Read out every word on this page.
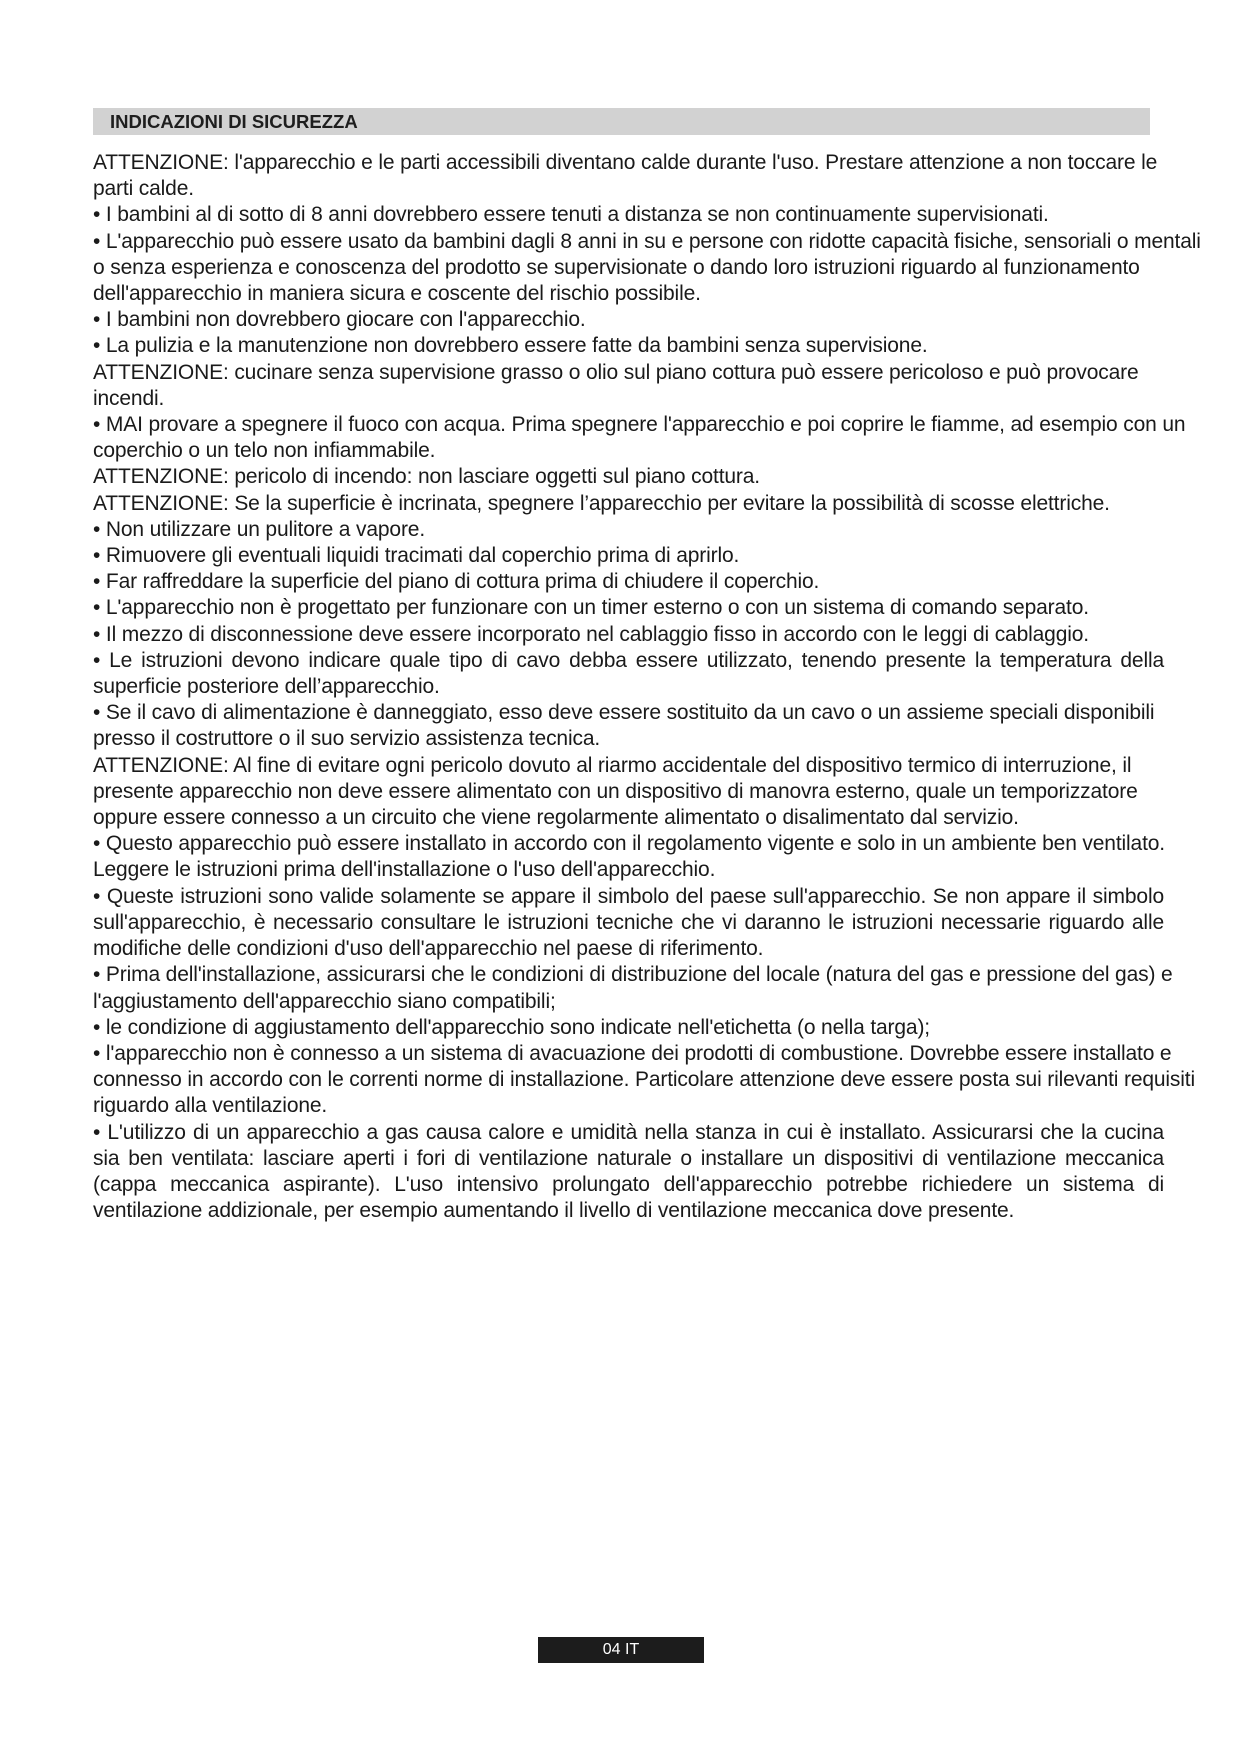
INDICAZIONI DI SICUREZZA

ATTENZIONE: l'apparecchio e le parti accessibili diventano calde durante l'uso. Prestare attenzione a non toccare le parti calde.

• I bambini al di sotto di 8 anni dovrebbero essere tenuti a distanza se non continuamente supervisionati.

• L'apparecchio può essere usato da bambini dagli 8 anni in su e persone con ridotte capacità fisiche, sensoriali o mentali o senza esperienza e conoscenza del prodotto se supervisionate o dando loro istruzioni riguardo al funzionamento dell'apparecchio in maniera sicura e coscente del rischio possibile.

• I bambini non dovrebbero giocare con l'apparecchio.

• La pulizia e la manutenzione non dovrebbero essere fatte da bambini senza supervisione.

ATTENZIONE: cucinare senza supervisione grasso o olio sul piano cottura può essere pericoloso e può provocare incendi.

• MAI provare a spegnere il fuoco con acqua. Prima spegnere l'apparecchio e poi coprire le fiamme, ad esempio con un coperchio o un telo non infiammabile.

ATTENZIONE: pericolo di incendo: non lasciare oggetti sul piano cottura.

ATTENZIONE: Se la superficie è incrinata, spegnere l’apparecchio per evitare la possibilità di scosse elettriche.

• Non utilizzare un pulitore a vapore.

• Rimuovere gli eventuali liquidi tracimati dal coperchio prima di aprirlo.

• Far raffreddare la superficie del piano di cottura prima di chiudere il coperchio.

• L'apparecchio non è progettato per funzionare con un timer esterno o con un sistema di comando separato.

• Il mezzo di disconnessione deve essere incorporato nel cablaggio fisso in accordo con le leggi di cablaggio.

• Le istruzioni devono indicare quale tipo di cavo debba essere utilizzato, tenendo presente la temperatura della superficie posteriore dell’apparecchio.

• Se il cavo di alimentazione è danneggiato, esso deve essere sostituito da un cavo o un assieme speciali disponibili presso il costruttore o il suo servizio assistenza tecnica.

ATTENZIONE: Al fine di evitare ogni pericolo dovuto al riarmo accidentale del dispositivo termico di interruzione, il presente apparecchio non deve essere alimentato con un dispositivo di manovra esterno, quale un temporizzatore oppure essere connesso a un circuito che viene regolarmente alimentato o disalimentato dal servizio.

• Questo apparecchio può essere installato in accordo con il regolamento vigente e solo in un ambiente ben ventilato. Leggere le istruzioni prima dell'installazione o l'uso dell'apparecchio.

• Queste istruzioni sono valide solamente se appare il simbolo del paese sull'apparecchio. Se non appare il simbolo sull'apparecchio, è necessario consultare le istruzioni tecniche che vi daranno le istruzioni necessarie riguardo alle modifiche delle condizioni d'uso dell'apparecchio nel paese di riferimento.

• Prima dell'installazione, assicurarsi che le condizioni di distribuzione del locale (natura del gas e pressione del gas) e l'aggiustamento dell'apparecchio siano compatibili;

• le condizione di aggiustamento dell'apparecchio sono indicate nell'etichetta (o nella targa);

• l'apparecchio non è connesso a un sistema di avacuazione dei prodotti di combustione. Dovrebbe essere installato e connesso in accordo con le correnti norme di installazione. Particolare attenzione deve essere posta sui rilevanti requisiti riguardo alla ventilazione.

• L'utilizzo di un apparecchio a gas causa calore e umidità nella stanza in cui è installato. Assicurarsi che la cucina sia ben ventilata: lasciare aperti i fori di ventilazione naturale o installare un dispositivi di ventilazione meccanica (cappa meccanica aspirante). L'uso intensivo prolungato dell'apparecchio potrebbe richiedere un sistema di ventilazione addizionale, per esempio aumentando il livello di ventilazione meccanica dove presente.

04 IT
